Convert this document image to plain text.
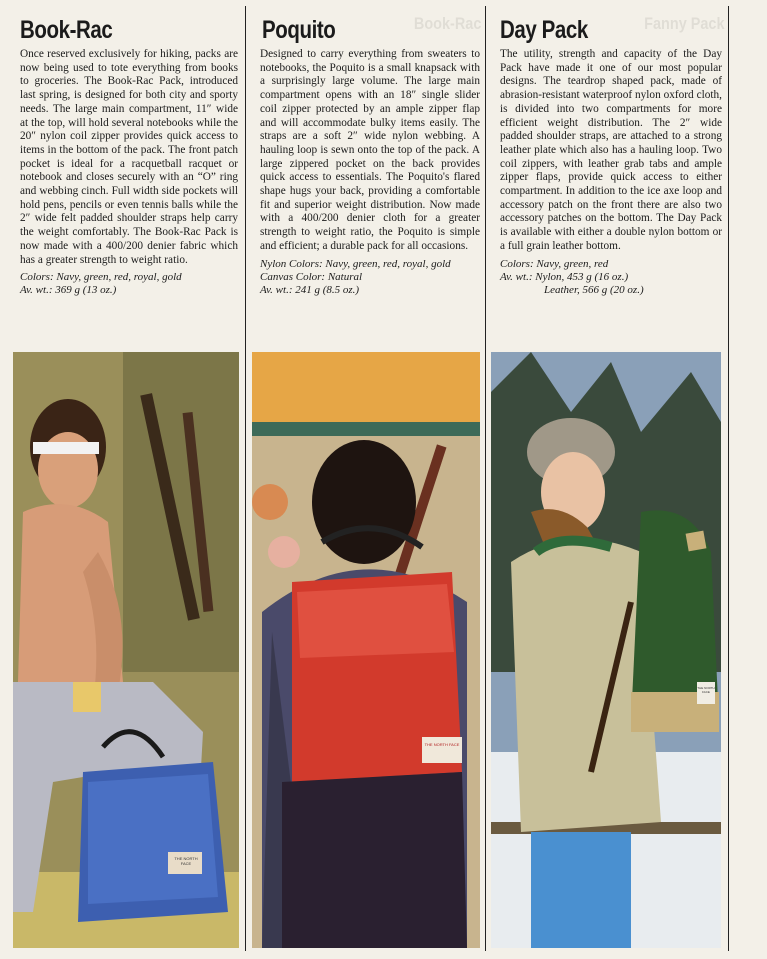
Book-Rac
Once reserved exclusively for hiking, packs are now being used to tote everything from books to groceries. The Book-Rac Pack, introduced last spring, is designed for both city and sporty needs. The large main compartment, 11″ wide at the top, will hold several notebooks while the 20″ nylon coil zipper provides quick access to items in the bottom of the pack. The front patch pocket is ideal for a racquetball racquet or notebook and closes securely with an “O” ring and webbing cinch. Full width side pockets will hold pens, pencils or even tennis balls while the 2″ wide felt padded shoulder straps help carry the weight comfortably. The Book-Rac Pack is now made with a 400/200 denier fabric which has a greater strength to weight ratio.
Colors: Navy, green, red, royal, gold
Av. wt.: 369 g (13 oz.)
THE NORTH FACE
Book-Rac
Poquito
Designed to carry everything from sweaters to notebooks, the Poquito is a small knapsack with a surprisingly large volume. The large main compartment opens with an 18″ single slider coil zipper protected by an ample zipper flap and will accommodate bulky items easily. The straps are a soft 2″ wide nylon webbing. A hauling loop is sewn onto the top of the pack. A large zippered pocket on the back provides quick access to essentials. The Poquito's flared shape hugs your back, providing a comfortable fit and superior weight distribution. Now made with a 400/200 denier cloth for a greater strength to weight ratio, the Poquito is simple and efficient; a durable pack for all occasions.
Nylon Colors: Navy, green, red, royal, gold
Canvas Color: Natural
Av. wt.: 241 g (8.5 oz.)
THE NORTH FACE
Fanny Pack
Day Pack
The utility, strength and capacity of the Day Pack have made it one of our most popular designs. The teardrop shaped pack, made of abrasion-resistant waterproof nylon oxford cloth, is divided into two compartments for more efficient weight distribution. The 2″ wide padded shoulder straps, are attached to a strong leather plate which also has a hauling loop. Two coil zippers, with leather grab tabs and ample zipper flaps, provide quick access to either compartment. In addition to the ice axe loop and accessory patch on the front there are also two accessory patches on the bottom. The Day Pack is available with either a double nylon bottom or a full grain leather bottom.
Colors: Navy, green, red
Av. wt.: Nylon, 453 g (16 oz.)
Leather, 566 g (20 oz.)
THE NORTH FACE
